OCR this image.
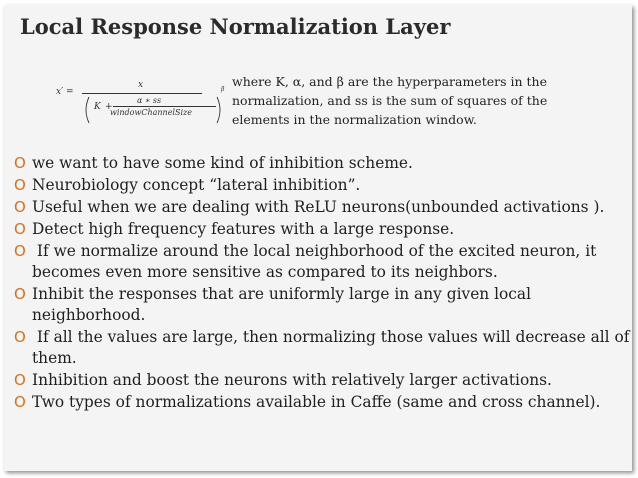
Local Response Normalization Layer
x′ =
x
K +
α ∗ ss
windowChannelSize
β
where K, α, and β are the hyperparameters in the normalization, and ss is the sum of squares of the elements in the normalization window.
O we want to have some kind of inhibition scheme.
O Neurobiology concept “lateral inhibition”.
O Useful when we are dealing with ReLU neurons(unbounded activations ).
O Detect high frequency features with a large response.
O If we normalize around the local neighborhood of the excited neuron, it becomes even more sensitive as compared to its neighbors.
O Inhibit the responses that are uniformly large in any given local neighborhood.
O If all the values are large, then normalizing those values will decrease all of them.
O Inhibition and boost the neurons with relatively larger activations.
O Two types of normalizations available in Caffe (same and cross channel).
